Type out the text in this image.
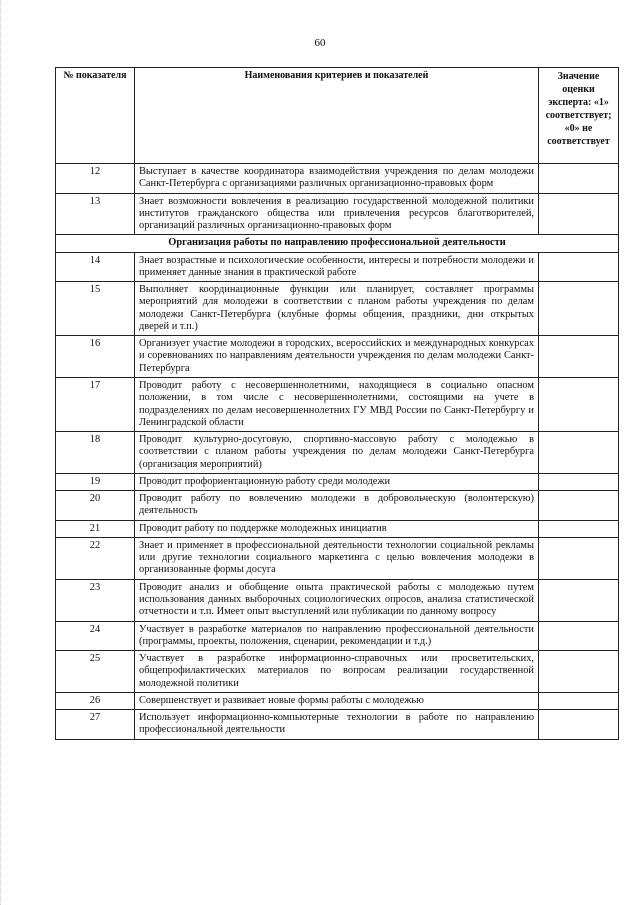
60
№ показателя	Наименования критериев и показателей	Значение оценки эксперта: «1» соответствует; «0» не соответствует
12	Выступает в качестве координатора взаимодействия учреждения по делам молодежи Санкт-Петербурга с организациями различных организационно-правовых форм	
13	Знает возможности вовлечения в реализацию государственной молодежной политики институтов гражданского общества или привлечения ресурсов благотворителей, организаций различных организационно-правовых форм	
Организация работы по направлению профессиональной деятельности		
14	Знает возрастные и психологические особенности, интересы и потребности молодежи и применяет данные знания в практической работе	
15	Выполняет координационные функции или планирует, составляет программы мероприятий для молодежи в соответствии с планом работы учреждения по делам молодежи Санкт-Петербурга (клубные формы общения, праздники, дни открытых дверей и т.п.)	
16	Организует участие молодежи в городских, всероссийских и международных конкурсах и соревнованиях по направлениям деятельности учреждения по делам молодежи Санкт-Петербурга	
17	Проводит работу с несовершеннолетними, находящиеся в социально опасном положении, в том числе с несовершеннолетними, состоящими на учете в подразделениях по делам несовершеннолетних ГУ МВД России по Санкт-Петербургу и Ленинградской области	
18	Проводит культурно-досуговую, спортивно-массовую работу с молодежью в соответствии с планом работы учреждения по делам молодежи Санкт-Петербурга (организация мероприятий)	
19	Проводит профориентационную работу среди молодежи	
20	Проводит работу по вовлечению молодежи в добровольческую (волонтерскую) деятельность	
21	Проводит работу по поддержке молодежных инициатив	
22	Знает и применяет в профессиональной деятельности технологии социальной рекламы или другие технологии социального маркетинга с целью вовлечения молодежи в организованные формы досуга	
23	Проводит анализ и обобщение опыта практической работы с молодежью путем использования данных выборочных социологических опросов, анализа статистической отчетности и т.п. Имеет опыт выступлений или публикации по данному вопросу	
24	Участвует в разработке материалов по направлению профессиональной деятельности (программы, проекты, положения, сценарии, рекомендации и т.д.)	
25	Участвует в разработке информационно-справочных или просветительских, общепрофилактических материалов по вопросам реализации государственной молодежной политики	
26	Совершенствует и развивает новые формы работы с молодежью	
27	Использует информационно-компьютерные технологии в работе по направлению профессиональной деятельности	
